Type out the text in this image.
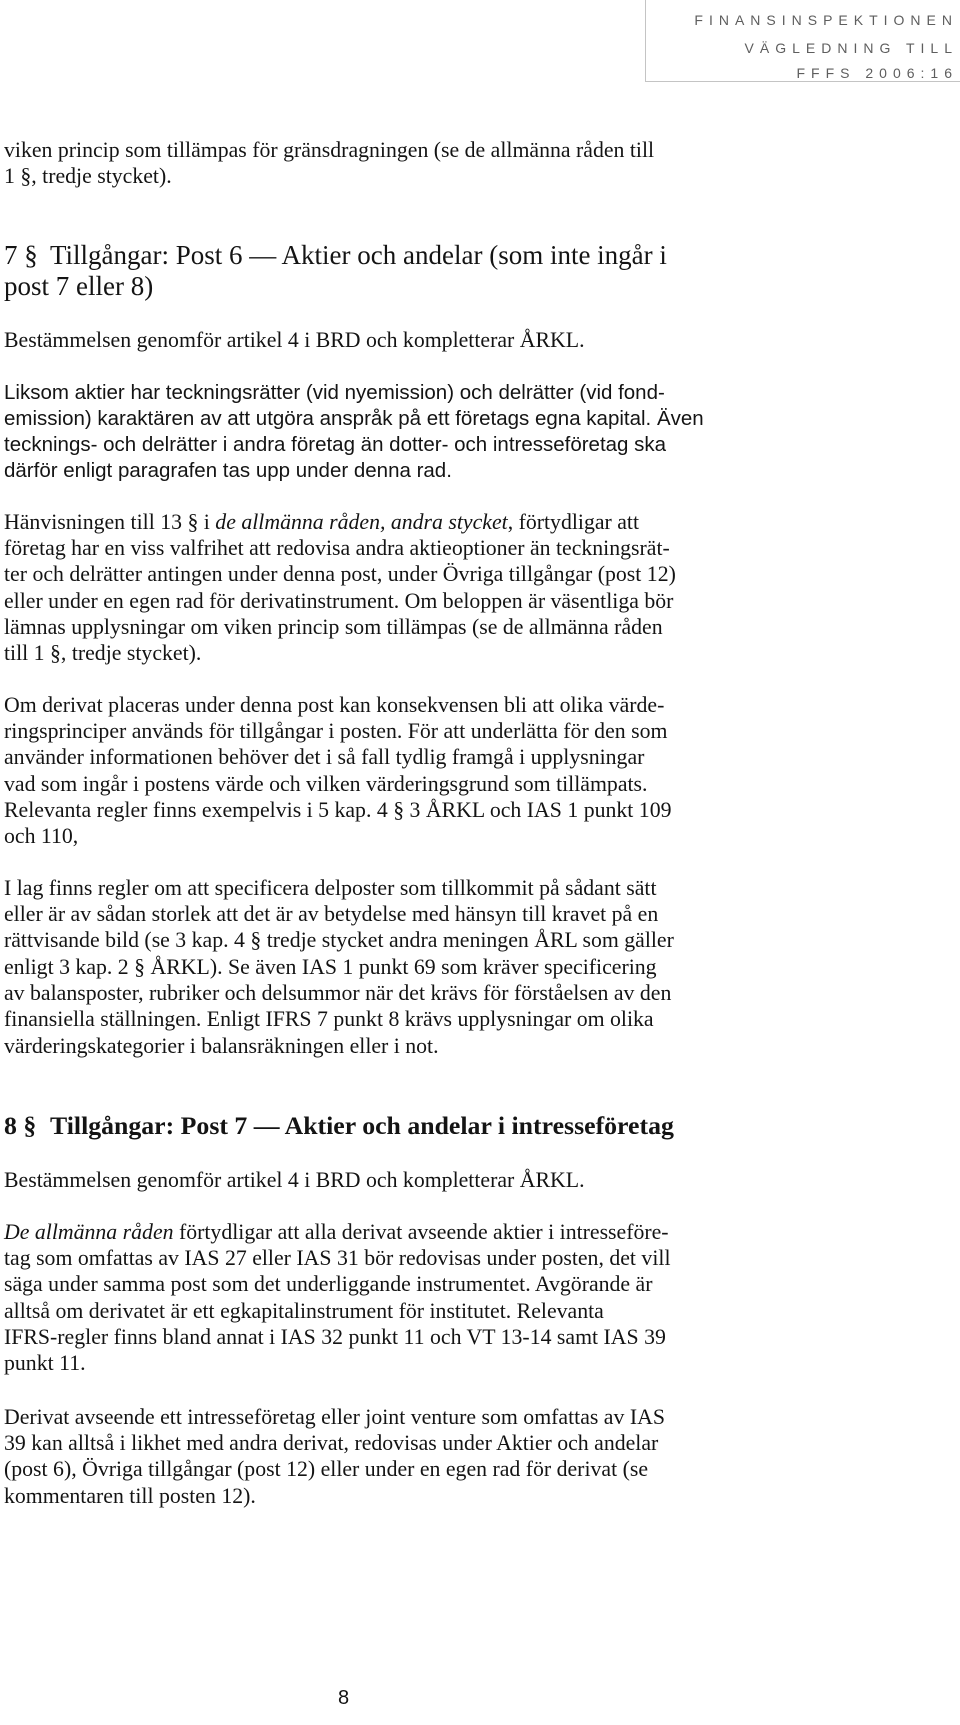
FINANSINSPEKTIONEN
VÄGLEDNING TILL
FFFS 2006:16
viken princip som tillämpas för gränsdragningen (se de allmänna råden till
1 §, tredje stycket).
7 § Tillgångar: Post 6 — Aktier och andelar (som inte ingår i
post 7 eller 8)
Bestämmelsen genomför artikel 4 i BRD och kompletterar ÅRKL.
Liksom aktier har teckningsrätter (vid nyemission) och delrätter (vid fond-
emission) karaktären av att utgöra anspråk på ett företags egna kapital. Även
tecknings- och delrätter i andra företag än dotter- och intresseföretag ska
därför enligt paragrafen tas upp under denna rad.
Hänvisningen till 13 § i de allmänna råden, andra stycket, förtydligar att
företag har en viss valfrihet att redovisa andra aktieoptioner än teckningsrät-
ter och delrätter antingen under denna post, under Övriga tillgångar (post 12)
eller under en egen rad för derivatinstrument. Om beloppen är väsentliga bör
lämnas upplysningar om viken princip som tillämpas (se de allmänna råden
till 1 §, tredje stycket).
Om derivat placeras under denna post kan konsekvensen bli att olika värde-
ringsprinciper används för tillgångar i posten. För att underlätta för den som
använder informationen behöver det i så fall tydlig framgå i upplysningar
vad som ingår i postens värde och vilken värderingsgrund som tillämpats.
Relevanta regler finns exempelvis i 5 kap. 4 § 3 ÅRKL och IAS 1 punkt 109
och 110,
I lag finns regler om att specificera delposter som tillkommit på sådant sätt
eller är av sådan storlek att det är av betydelse med hänsyn till kravet på en
rättvisande bild (se 3 kap. 4 § tredje stycket andra meningen ÅRL som gäller
enligt 3 kap. 2 § ÅRKL). Se även IAS 1 punkt 69 som kräver specificering
av balansposter, rubriker och delsummor när det krävs för förståelsen av den
finansiella ställningen. Enligt IFRS 7 punkt 8 krävs upplysningar om olika
värderingskategorier i balansräkningen eller i not.
8 § Tillgångar: Post 7 — Aktier och andelar i intresseföretag
Bestämmelsen genomför artikel 4 i BRD och kompletterar ÅRKL.
De allmänna råden förtydligar att alla derivat avseende aktier i intresseföre-
tag som omfattas av IAS 27 eller IAS 31 bör redovisas under posten, det vill
säga under samma post som det underliggande instrumentet. Avgörande är
alltså om derivatet är ett egkapitalinstrument för institutet. Relevanta
IFRS-regler finns bland annat i IAS 32 punkt 11 och VT 13-14 samt IAS 39
punkt 11.
Derivat avseende ett intresseföretag eller joint venture som omfattas av IAS
39 kan alltså i likhet med andra derivat, redovisas under Aktier och andelar
(post 6), Övriga tillgångar (post 12) eller under en egen rad för derivat (se
kommentaren till posten 12).
8
